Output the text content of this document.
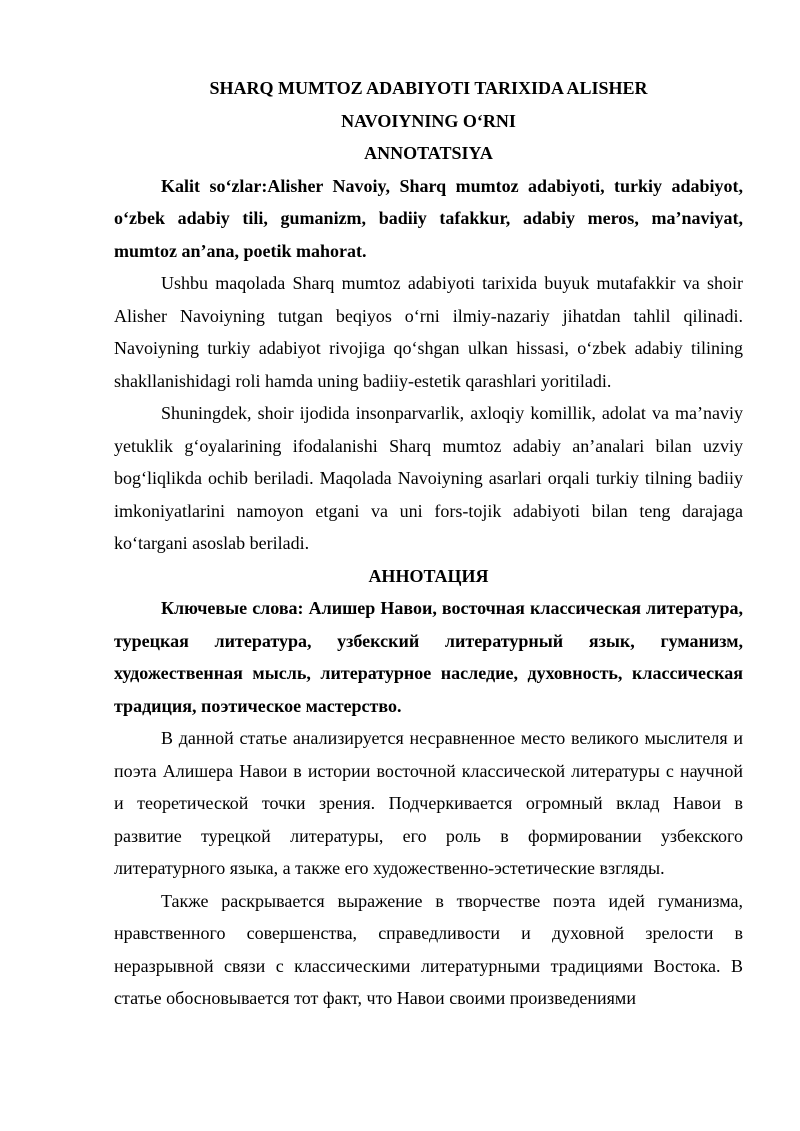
SHARQ MUMTOZ ADABIYOTI TARIXIDA ALISHER

NAVOIYNING O‘RNI

ANNOTATSIYA

Kalit so‘zlar:Alisher Navoiy, Sharq mumtoz adabiyoti, turkiy adabiyot, o‘zbek adabiy tili, gumanizm, badiiy tafakkur, adabiy meros, ma’naviyat, mumtoz an’ana, poetik mahorat.

Ushbu maqolada Sharq mumtoz adabiyoti tarixida buyuk mutafakkir va shoir Alisher Navoiyning tutgan beqiyos o‘rni ilmiy-nazariy jihatdan tahlil qilinadi. Navoiyning turkiy adabiyot rivojiga qo‘shgan ulkan hissasi, o‘zbek adabiy tilining shakllanishidagi roli hamda uning badiiy-estetik qarashlari yoritiladi.

Shuningdek, shoir ijodida insonparvarlik, axloqiy komillik, adolat va ma’naviy yetuklik g‘oyalarining ifodalanishi Sharq mumtoz adabiy an’analari bilan uzviy bog‘liqlikda ochib beriladi. Maqolada Navoiyning asarlari orqali turkiy tilning badiiy imkoniyatlarini namoyon etgani va uni fors-tojik adabiyoti bilan teng darajaga ko‘targani asoslab beriladi.

АННОТАЦИЯ

Ключевые слова: Алишер Навои, восточная классическая литература, турецкая литература, узбекский литературный язык, гуманизм, художественная мысль, литературное наследие, духовность, классическая традиция, поэтическое мастерство.

В данной статье анализируется несравненное место великого мыслителя и поэта Алишера Навои в истории восточной классической литературы с научной и теоретической точки зрения. Подчеркивается огромный вклад Навои в развитие турецкой литературы, его роль в формировании узбекского литературного языка, а также его художественно-эстетические взгляды.

Также раскрывается выражение в творчестве поэта идей гуманизма, нравственного совершенства, справедливости и духовной зрелости в неразрывной связи с классическими литературными традициями Востока. В статье обосновывается тот факт, что Навои своими произведениями
